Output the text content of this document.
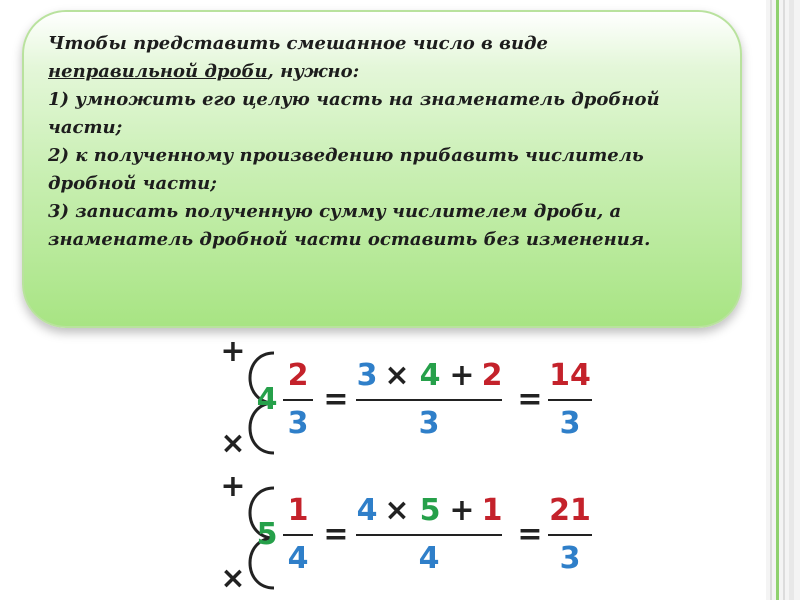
Чтобы представить смешанное число в виде
неправильной дроби, нужно:

1) умножить его целую часть на знаменатель дробной части;

2) к полученному произведению прибавить числитель дробной части;

3) записать полученную сумму числителем дроби, а знаменатель дробной части оставить без изменения.

+
×
4
2
3
=
3 × 4 + 2
3
=
14
3
+
×
5
1
4
=
4 × 5 + 1
4
=
21
3
